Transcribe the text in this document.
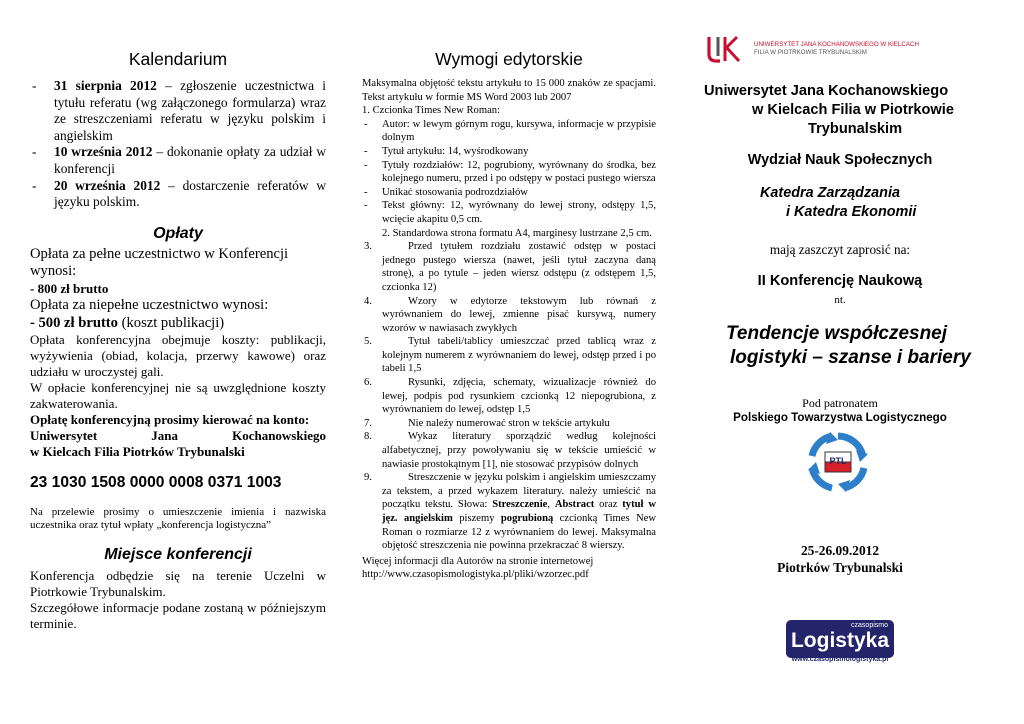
Kalendarium
- 31 sierpnia 2012 – zgłoszenie uczestnictwa i tytułu referatu (wg załączonego formularza) wraz ze streszczeniami referatu w języku polskim i angielskim
- 10 września 2012 – dokonanie opłaty za udział w konferencji
- 20 września 2012 – dostarczenie referatów w języku polskim.
Opłaty
Opłata za pełne uczestnictwo w Konferencji wynosi:
- 800 zł brutto
Opłata za niepełne uczestnictwo wynosi:
- 500 zł brutto (koszt publikacji)
Opłata konferencyjna obejmuje koszty: publikacji, wyżywienia (obiad, kolacja, przerwy kawowe) oraz udziału w uroczystej gali.
W opłacie konferencyjnej nie są uwzględnione koszty zakwaterowania.
Opłatę konferencyjną prosimy kierować na konto:
Uniwersytet	Jana	Kochanowskiego
w Kielcach Filia Piotrków Trybunalski
23 1030 1508 0000 0008 0371 1003
Na przelewie prosimy o umieszczenie imienia i nazwiska uczestnika oraz tytuł wpłaty „konferencja logistyczna”
Miejsce konferencji
Konferencja odbędzie się na terenie Uczelni w Piotrkowie Trybunalskim.
Szczegółowe informacje podane zostaną w późniejszym terminie.
Wymogi edytorskie
Maksymalna objętość tekstu artykułu to 15 000 znaków ze spacjami. Tekst artykułu w formie MS Word 2003 lub 2007
1. Czcionka Times New Roman:
- Autor: w lewym górnym rogu, kursywa, informacje w przypisie dolnym
- Tytuł artykułu: 14, wyśrodkowany
- Tytuły rozdziałów: 12, pogrubiony, wyrównany do środka, bez kolejnego numeru, przed i po odstępy w postaci pustego wiersza
- Unikać stosowania podrozdziałów
- Tekst główny: 12, wyrównany do lewej strony, odstępy 1,5, wcięcie akapitu 0,5 cm.
2. Standardowa strona formatu A4, marginesy lustrzane 2,5 cm.
3.	Przed tytułem rozdziału zostawić odstęp w postaci jednego pustego wiersza (nawet, jeśli tytuł zaczyna daną stronę), a po tytule – jeden wiersz odstępu (z odstępem 1,5, czcionka 12)
4.	Wzory w edytorze tekstowym lub równań z wyrównaniem do lewej, zmienne pisać kursywą, numery wzorów w nawiasach zwykłych
5.	Tytuł tabeli/tablicy umieszczać przed tablicą wraz z kolejnym numerem z wyrównaniem do lewej, odstęp przed i po tabeli 1,5
6.	Rysunki, zdjęcia, schematy, wizualizacje również do lewej, podpis pod rysunkiem czcionką 12 niepogrubiona, z wyrównaniem do lewej, odstęp 1,5
7.	Nie należy numerować stron w tekście artykułu
8.	Wykaz literatury sporządzić według kolejności alfabetycznej, przy powoływaniu się w tekście umieścić w nawiasie prostokątnym [1], nie stosować przypisów dolnych
9.	Streszczenie w języku polskim i angielskim umieszczamy za tekstem, a przed wykazem literatury. należy umieścić na początku tekstu. Słowa: Streszczenie, Abstract oraz tytuł w jęz. angielskim piszemy pogrubioną czcionką Times New Roman o rozmiarze 12 z wyrównaniem do lewej. Maksymalna objętość streszczenia nie powinna przekraczać 8 wierszy.
Więcej informacji dla Autorów na stronie internetowej
http://www.czasopismologistyka.pl/pliki/wzorzec.pdf
UNIWERSYTET JANA KOCHANOWSKIEGO W KIELCACH
FILIA W PIOTRKOWIE TRYBUNALSKIM
Uniwersytet Jana Kochanowskiego
w Kielcach Filia w Piotrkowie
Trybunalskim
Wydział Nauk Społecznych
Katedra Zarządzania
i Katedra Ekonomii
mają zaszczyt zaprosić na:
II Konferencję Naukową
nt.
Tendencje współczesnej
logistyki – szanse i bariery
Pod patronatem
Polskiego Towarzystwa Logistycznego
PTL
25-26.09.2012
Piotrków Trybunalski
czasopismo
Logistyka
www.czasopismologistyka.pl
